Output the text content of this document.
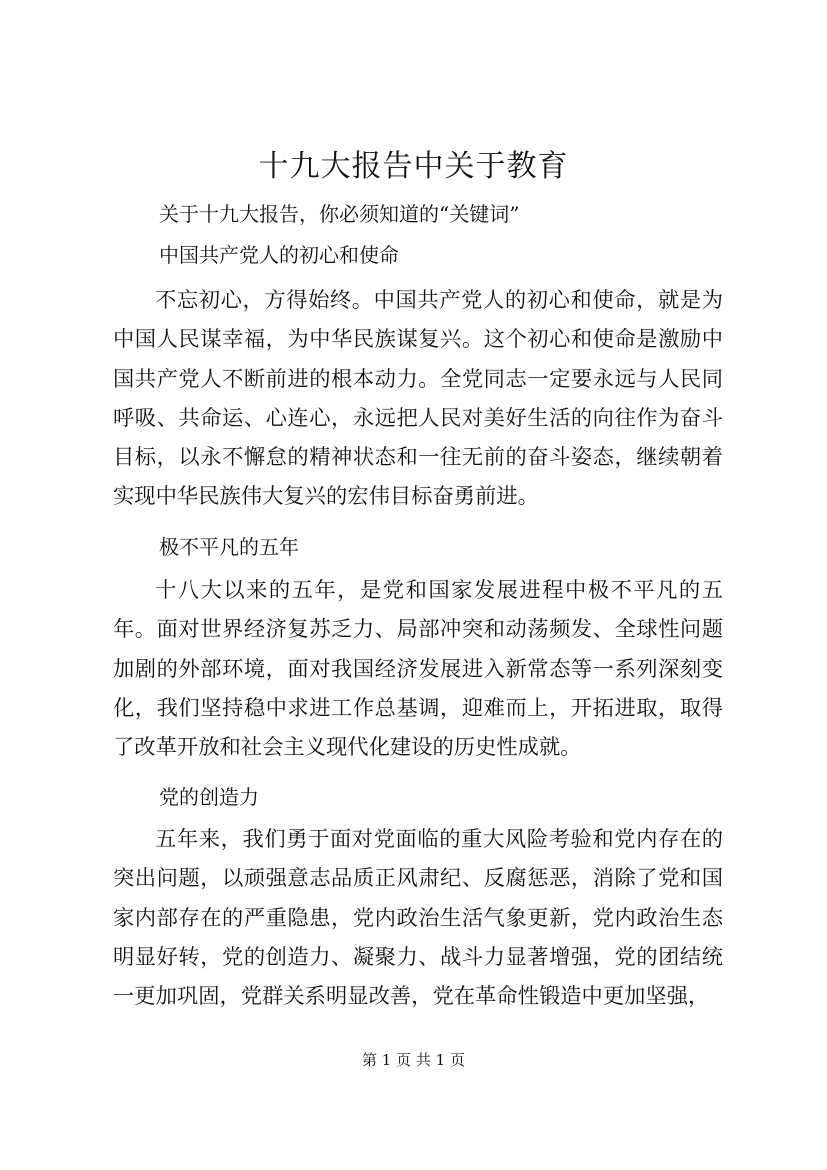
十九大报告中关于教育

关于十九大报告，你必须知道的“关键词”

中国共产党人的初心和使命

不忘初心，方得始终。中国共产党人的初心和使命，就是为中国人民谋幸福，为中华民族谋复兴。这个初心和使命是激励中国共产党人不断前进的根本动力。全党同志一定要永远与人民同呼吸、共命运、心连心，永远把人民对美好生活的向往作为奋斗目标，以永不懈怠的精神状态和一往无前的奋斗姿态，继续朝着实现中华民族伟大复兴的宏伟目标奋勇前进。

极不平凡的五年

十八大以来的五年，是党和国家发展进程中极不平凡的五年。面对世界经济复苏乏力、局部冲突和动荡频发、全球性问题加剧的外部环境，面对我国经济发展进入新常态等一系列深刻变化，我们坚持稳中求进工作总基调，迎难而上，开拓进取，取得了改革开放和社会主义现代化建设的历史性成就。

党的创造力

五年来，我们勇于面对党面临的重大风险考验和党内存在的突出问题，以顽强意志品质正风肃纪、反腐惩恶，消除了党和国家内部存在的严重隐患，党内政治生活气象更新，党内政治生态明显好转，党的创造力、凝聚力、战斗力显著增强，党的团结统一更加巩固，党群关系明显改善，党在革命性锻造中更加坚强，

第 1 页 共 1 页
